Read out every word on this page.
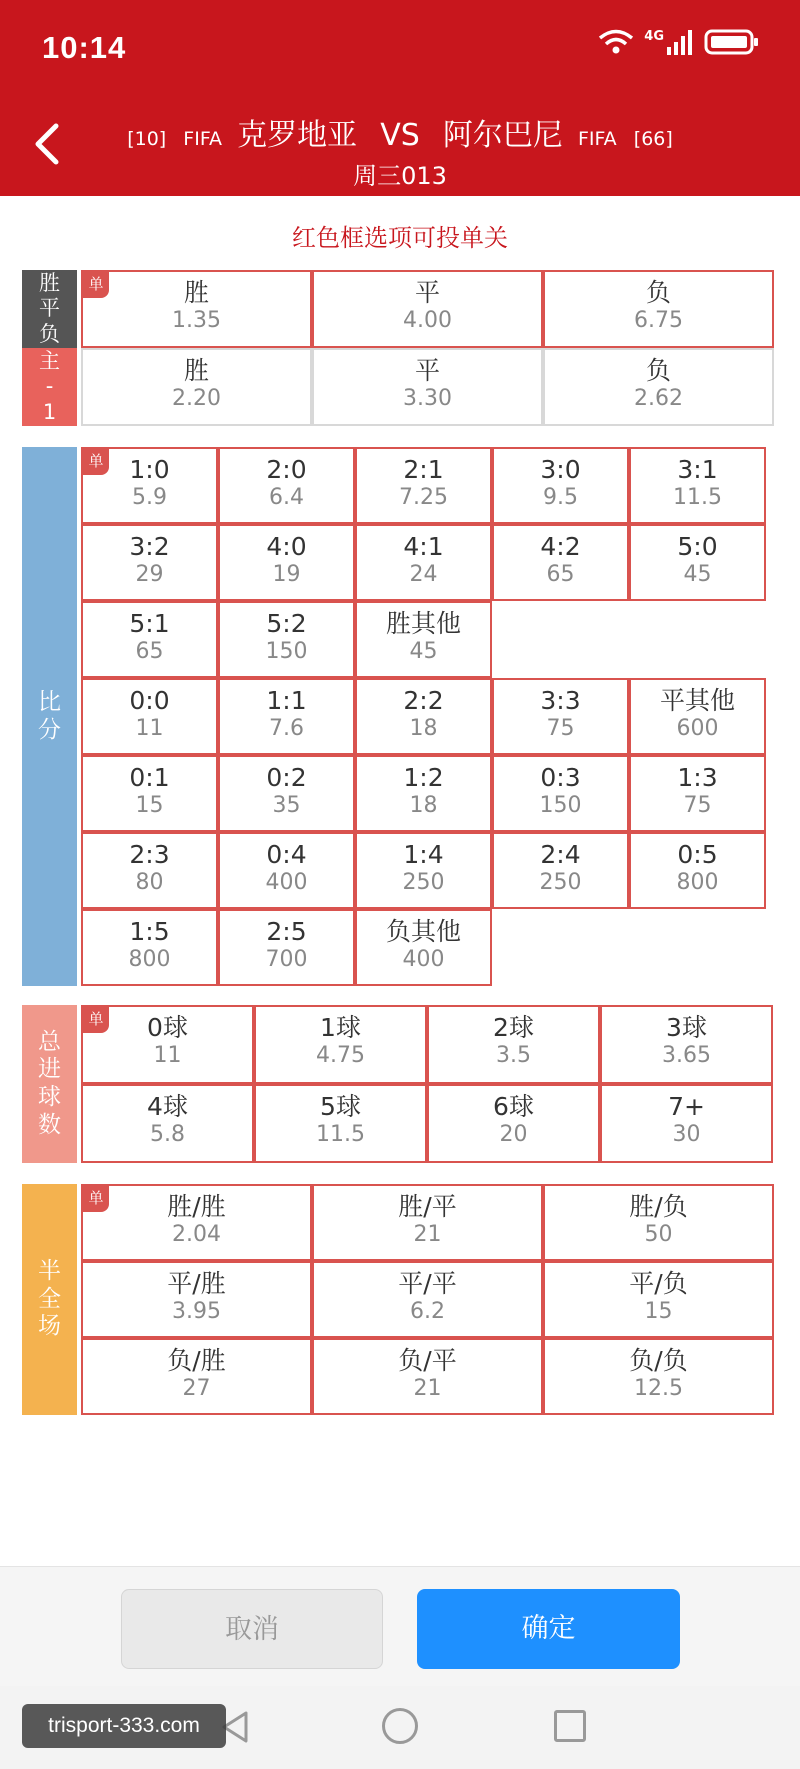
10:14	4G
[10] FIFA 克罗地亚 VS 阿尔巴尼 FIFA [66]
周三013
红色框选项可投单关
胜
平
负
主
-
1
胜
1.35
平
4.00
负
6.75
胜
2.20
平
3.30
负
2.62
单
比
分
1:0
5.9
2:0
6.4
2:1
7.25
3:0
9.5
3:1
11.5
3:2
29
4:0
19
4:1
24
4:2
65
5:0
45
5:1
65
5:2
150
胜其他
45
0:0
11
1:1
7.6
2:2
18
3:3
75
平其他
600
0:1
15
0:2
35
1:2
18
0:3
150
1:3
75
2:3
80
0:4
400
1:4
250
2:4
250
0:5
800
1:5
800
2:5
700
负其他
400
单
总
进
球
数
0球
11
1球
4.75
2球
3.5
3球
3.65
4球
5.8
5球
11.5
6球
20
7+
30
单
半
全
场
胜/胜
2.04
胜/平
21
胜/负
50
平/胜
3.95
平/平
6.2
平/负
15
负/胜
27
负/平
21
负/负
12.5
单
取消	确定
trisport-333.com
